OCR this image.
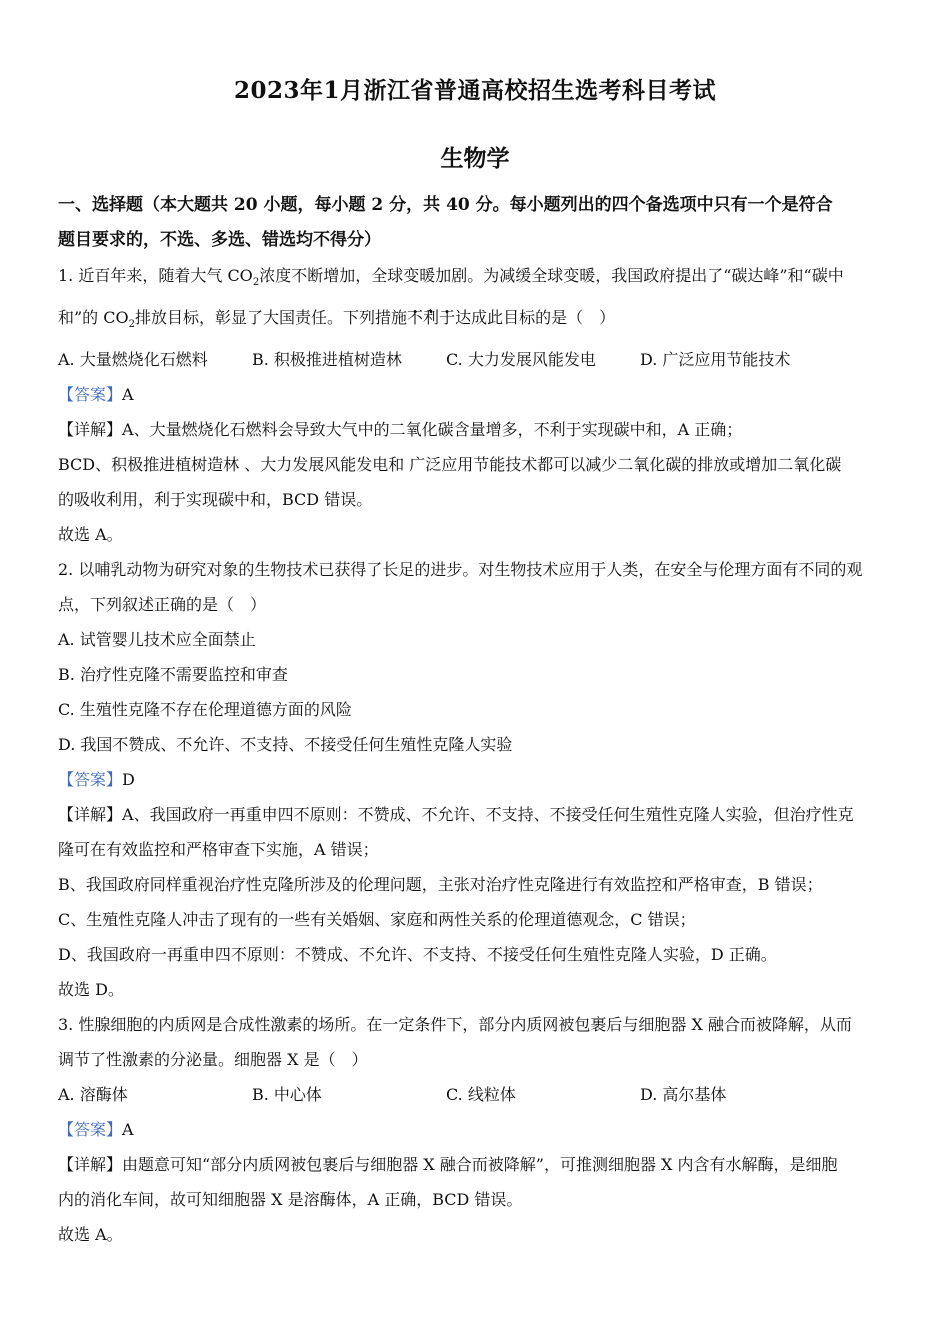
2023年1月浙江省普通高校招生选考科目考试
生物学
一、选择题（本大题共 20 小题，每小题 2 分，共 40 分。每小题列出的四个备选项中只有一个是符合
题目要求的，不选、多选、错选均不得分）
1. 近百年来，随着大气 $CO_2$浓度不断增加，全球变暖加剧。为减缓全球变暖，我国政府提出了“碳达峰”和“碳中
和”的 $CO_2$排放目标，彰显了大国责任。下列措施不利于达成此目标的是（　）
A. 大量燃烧化石燃料	B. 积极推进植树造林	C. 大力发展风能发电	D. 广泛应用节能技术
【答案】A
【详解】A、大量燃烧化石燃料会导致大气中的二氧化碳含量增多，不利于实现碳中和，A 正确；
BCD、积极推进植树造林 、大力发展风能发电和 广泛应用节能技术都可以减少二氧化碳的排放或增加二氧化碳
的吸收利用，利于实现碳中和，BCD 错误。
故选 A。
2. 以哺乳动物为研究对象的生物技术已获得了长足的进步。对生物技术应用于人类，在安全与伦理方面有不同的观
点，下列叙述正确的是（　）
A. 试管婴儿技术应全面禁止
B. 治疗性克隆不需要监控和审查
C. 生殖性克隆不存在伦理道德方面的风险
D. 我国不赞成、不允许、不支持、不接受任何生殖性克隆人实验
【答案】D
【详解】A、我国政府一再重申四不原则：不赞成、不允许、不支持、不接受任何生殖性克隆人实验，但治疗性克
隆可在有效监控和严格审查下实施，A 错误；
B、我国政府同样重视治疗性克隆所涉及的伦理问题，主张对治疗性克隆进行有效监控和严格审查，B 错误；
C、生殖性克隆人冲击了现有的一些有关婚姻、家庭和两性关系的伦理道德观念，C 错误；
D、我国政府一再重申四不原则：不赞成、不允许、不支持、不接受任何生殖性克隆人实验，D 正确。
故选 D。
3. 性腺细胞的内质网是合成性激素的场所。在一定条件下，部分内质网被包裹后与细胞器 X 融合而被降解，从而
调节了性激素的分泌量。细胞器 X 是（　）
A. 溶酶体	B. 中心体	C. 线粒体	D. 高尔基体
【答案】A
【详解】由题意可知“部分内质网被包裹后与细胞器 X 融合而被降解”，可推测细胞器 X 内含有水解酶，是细胞
内的消化车间，故可知细胞器 X 是溶酶体，A 正确，BCD 错误。
故选 A。
